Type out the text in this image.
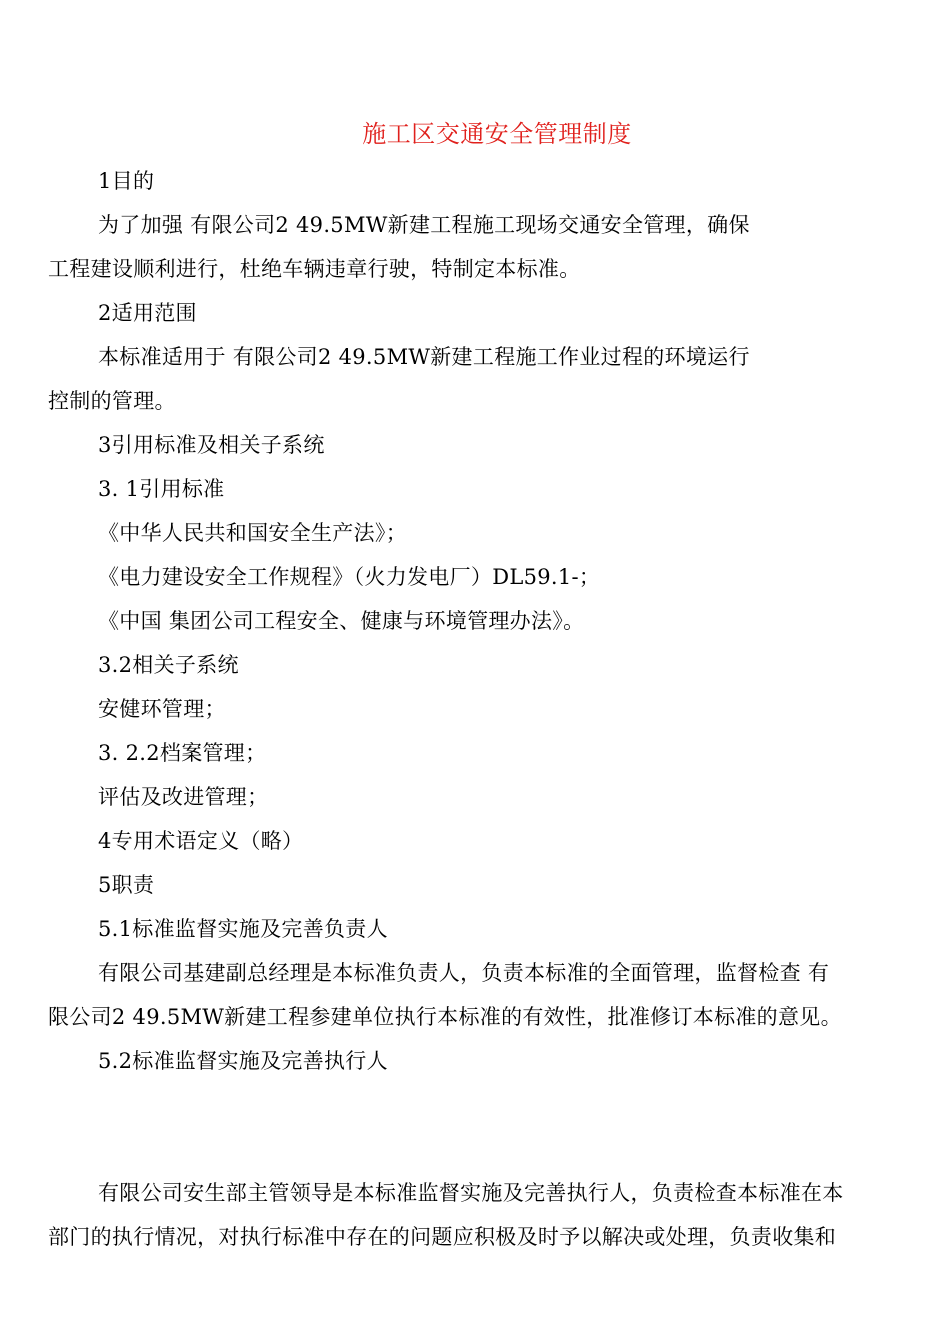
施工区交通安全管理制度
1目的
为了加强 有限公司2 49.5MW新建工程施工现场交通安全管理，确保
工程建设顺利进行，杜绝车辆违章行驶，特制定本标准。
2适用范围
本标准适用于 有限公司2 49.5MW新建工程施工作业过程的环境运行
控制的管理。
3引用标准及相关子系统
3. 1引用标准
《中华人民共和国安全生产法》；
《电力建设安全工作规程》（火力发电厂）DL59.1-；
《中国 集团公司工程安全、健康与环境管理办法》。
3.2相关子系统
安健环管理；
3. 2.2档案管理；
评估及改进管理；
4专用术语定义（略）
5职责
5.1标准监督实施及完善负责人
有限公司基建副总经理是本标准负责人，负责本标准的全面管理，监督检查 有
限公司2 49.5MW新建工程参建单位执行本标准的有效性，批准修订本标准的意见。
5.2标准监督实施及完善执行人
有限公司安生部主管领导是本标准监督实施及完善执行人，负责检查本标准在本
部门的执行情况，对执行标准中存在的问题应积极及时予以解决或处理，负责收集和
